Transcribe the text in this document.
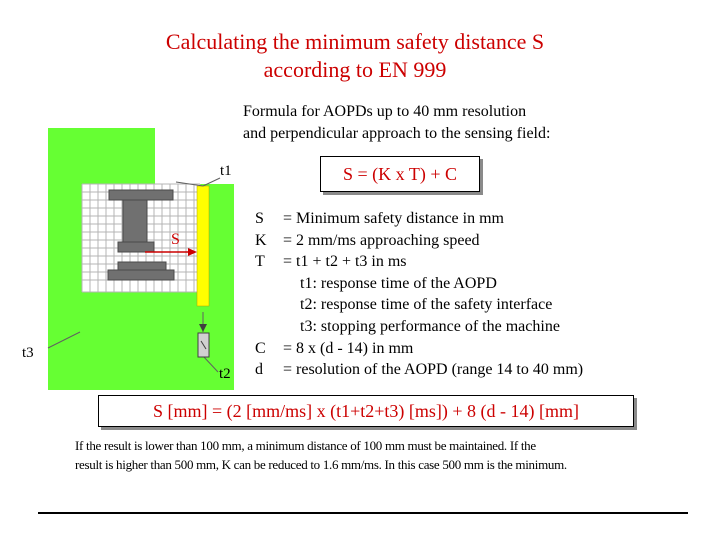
Calculating the minimum safety distance S
according to EN 999
Formula for AOPDs up to 40 mm resolution
and perpendicular approach to the sensing field:
S = (K x T) + C
t1
S
t3
t2
S	= Minimum safety distance in mm
K	= 2 mm/ms approaching speed
T	= t1 + t2 + t3 in ms
t1: response time of the AOPD
t2: response time of the safety interface
t3: stopping performance of the machine
C	= 8 x (d - 14) in mm
d	= resolution of the AOPD (range 14 to 40 mm)
S [mm] = (2 [mm/ms] x (t1+t2+t3) [ms]) + 8 (d - 14) [mm]
If the result is lower than 100 mm, a minimum distance of 100 mm must be maintained. If the
result is higher than 500 mm, K can be reduced to 1.6 mm/ms. In this case 500 mm is the minimum.
